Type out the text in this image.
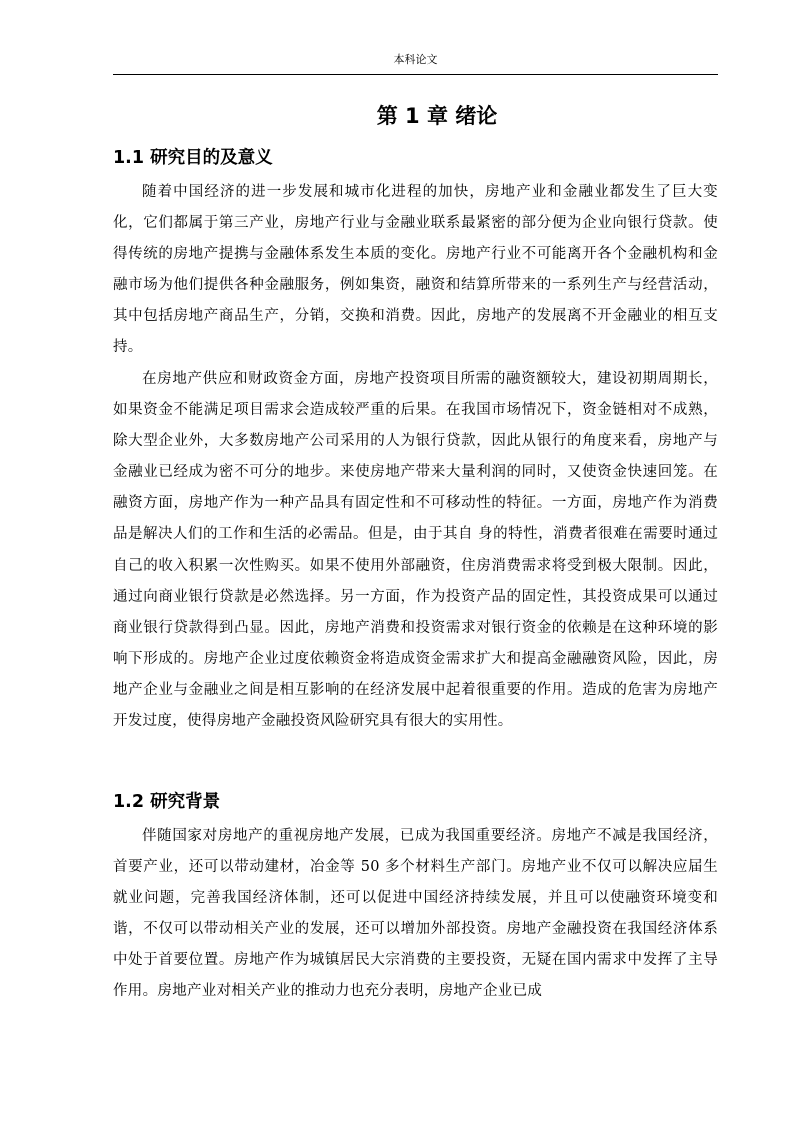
本科论文
第 1 章 绪论
1.1 研究目的及意义

随着中国经济的进一步发展和城市化进程的加快，房地产业和金融业都发生了巨大变化，它们都属于第三产业，房地产行业与金融业联系最紧密的部分便为企业向银行贷款。使得传统的房地产提携与金融体系发生本质的变化。房地产行业不可能离开各个金融机构和金融市场为他们提供各种金融服务，例如集资，融资和结算所带来的一系列生产与经营活动，其中包括房地产商品生产，分销，交换和消费。因此，房地产的发展离不开金融业的相互支持。

在房地产供应和财政资金方面，房地产投资项目所需的融资额较大，建设初期周期长，如果资金不能满足项目需求会造成较严重的后果。在我国市场情况下，资金链相对不成熟，除大型企业外，大多数房地产公司采用的人为银行贷款，因此从银行的角度来看，房地产与金融业已经成为密不可分的地步。来使房地产带来大量利润的同时，又使资金快速回笼。在融资方面，房地产作为一种产品具有固定性和不可移动性的特征。一方面，房地产作为消费品是解决人们的工作和生活的必需品。但是，由于其自 身的特性，消费者很难在需要时通过自己的收入积累一次性购买。如果不使用外部融资，住房消费需求将受到极大限制。因此，通过向商业银行贷款是必然选择。另一方面，作为投资产品的固定性，其投资成果可以通过商业银行贷款得到凸显。因此，房地产消费和投资需求对银行资金的依赖是在这种环境的影响下形成的。房地产企业过度依赖资金将造成资金需求扩大和提高金融融资风险，因此，房地产企业与金融业之间是相互影响的在经济发展中起着很重要的作用。造成的危害为房地产开发过度，使得房地产金融投资风险研究具有很大的实用性。

1.2 研究背景

伴随国家对房地产的重视房地产发展，已成为我国重要经济。房地产不减是我国经济，首要产业，还可以带动建材，冶金等 50 多个材料生产部门。房地产业不仅可以解决应届生就业问题，完善我国经济体制，还可以促进中国经济持续发展，并且可以使融资环境变和谐，不仅可以带动相关产业的发展，还可以增加外部投资。房地产金融投资在我国经济体系中处于首要位置。房地产作为城镇居民大宗消费的主要投资，无疑在国内需求中发挥了主导作用。房地产业对相关产业的推动力也充分表明，房地产企业已成
